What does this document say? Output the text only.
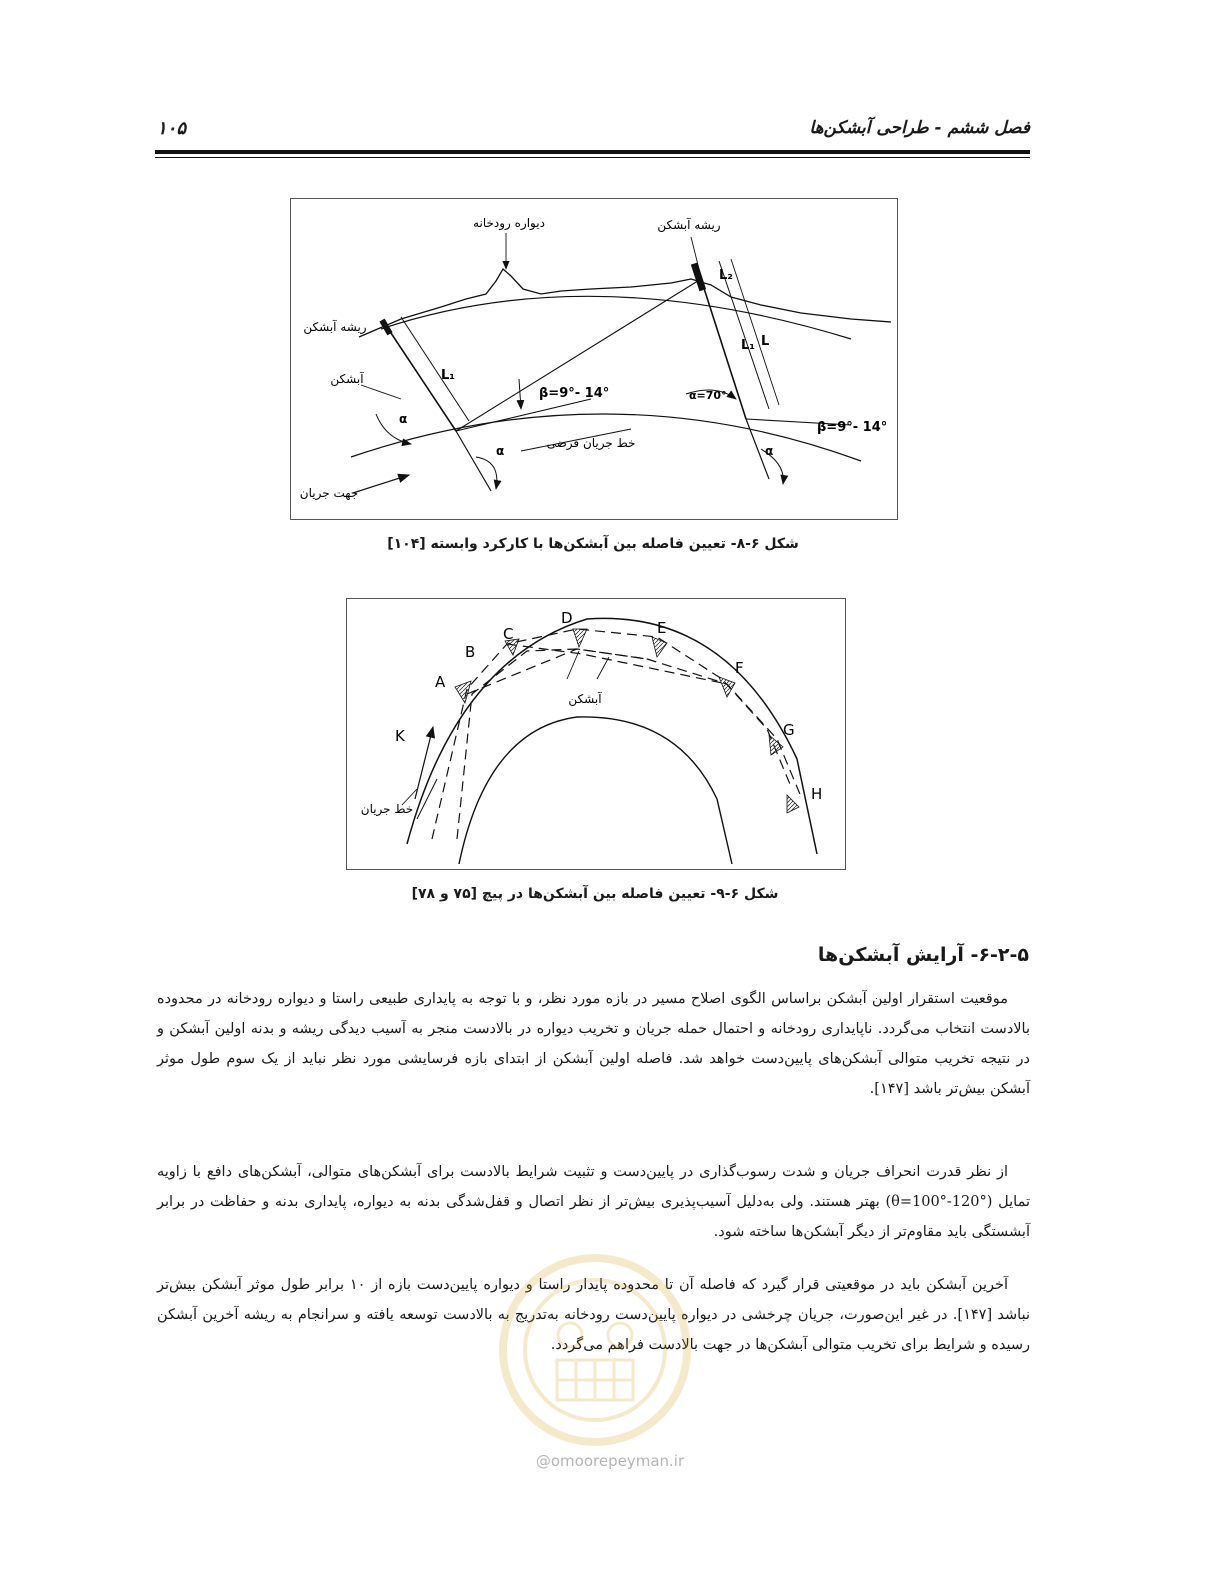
فصل ششم - طراحی آبشکن‌ها
۱۰۵
دیواره رودخانه	ریشه آبشکن
ریشه آبشکن
آبشکن
β=9°- 14°	α=70°
β=9°- 14°
α
α	α
L₁
L₂
L₁ L
خط جریان فرضی
جهت جریان
شکل ۶-۸- تعیین فاصله بین آبشکن‌ها با کارکرد وابسته [۱۰۴]
K
A
B
C
D
E
F
G
H
آبشکن
خط جریان
شکل ۶-۹- تعیین فاصله بین آبشکن‌ها در پیچ [۷۵ و ۷۸]
۶-۲-۵- آرایش آبشکن‌ها

موقعیت استقرار اولین آبشکن براساس الگوی اصلاح مسیر در بازه مورد نظر، و با توجه به پایداری طبیعی راستا و دیواره رودخانه در محدوده بالادست انتخاب می‌گردد. ناپایداری رودخانه و احتمال حمله جریان و تخریب دیواره در بالادست منجر به آسیب دیدگی ریشه و بدنه اولین آبشکن و در نتیجه تخریب متوالی آبشکن‌های پایین‌دست خواهد شد. فاصله اولین آبشکن از ابتدای بازه فرسایشی مورد نظر نباید از یک سوم طول موثر آبشکن بیش‌تر باشد [۱۴۷].

از نظر قدرت انحراف جریان و شدت رسوب‌گذاری در پایین‌دست و تثبیت شرایط بالادست برای آبشکن‌های متوالی، آبشکن‌های دافع با زاویه تمایل (θ=100°-120°) بهتر هستند. ولی به‌دلیل آسیب‌پذیری بیش‌تر از نظر اتصال و قفل‌شدگی بدنه به دیواره، پایداری بدنه و حفاظت در برابر آبشستگی باید مقاوم‌تر از دیگر آبشکن‌ها ساخته شود.

آخرین آبشکن باید در موقعیتی قرار گیرد که فاصله آن تا محدوده پایدار راستا و دیواره پایین‌دست بازه از ۱۰ برابر طول موثر آبشکن بیش‌تر نباشد [۱۴۷]. در غیر این‌صورت، جریان چرخشی در دیواره پایین‌دست رودخانه به‌تدریج به بالادست توسعه یافته و سرانجام به ریشه آخرین آبشکن رسیده و شرایط برای تخریب متوالی آبشکن‌ها در جهت بالادست فراهم می‌گردد.

@omoorepeyman.ir
